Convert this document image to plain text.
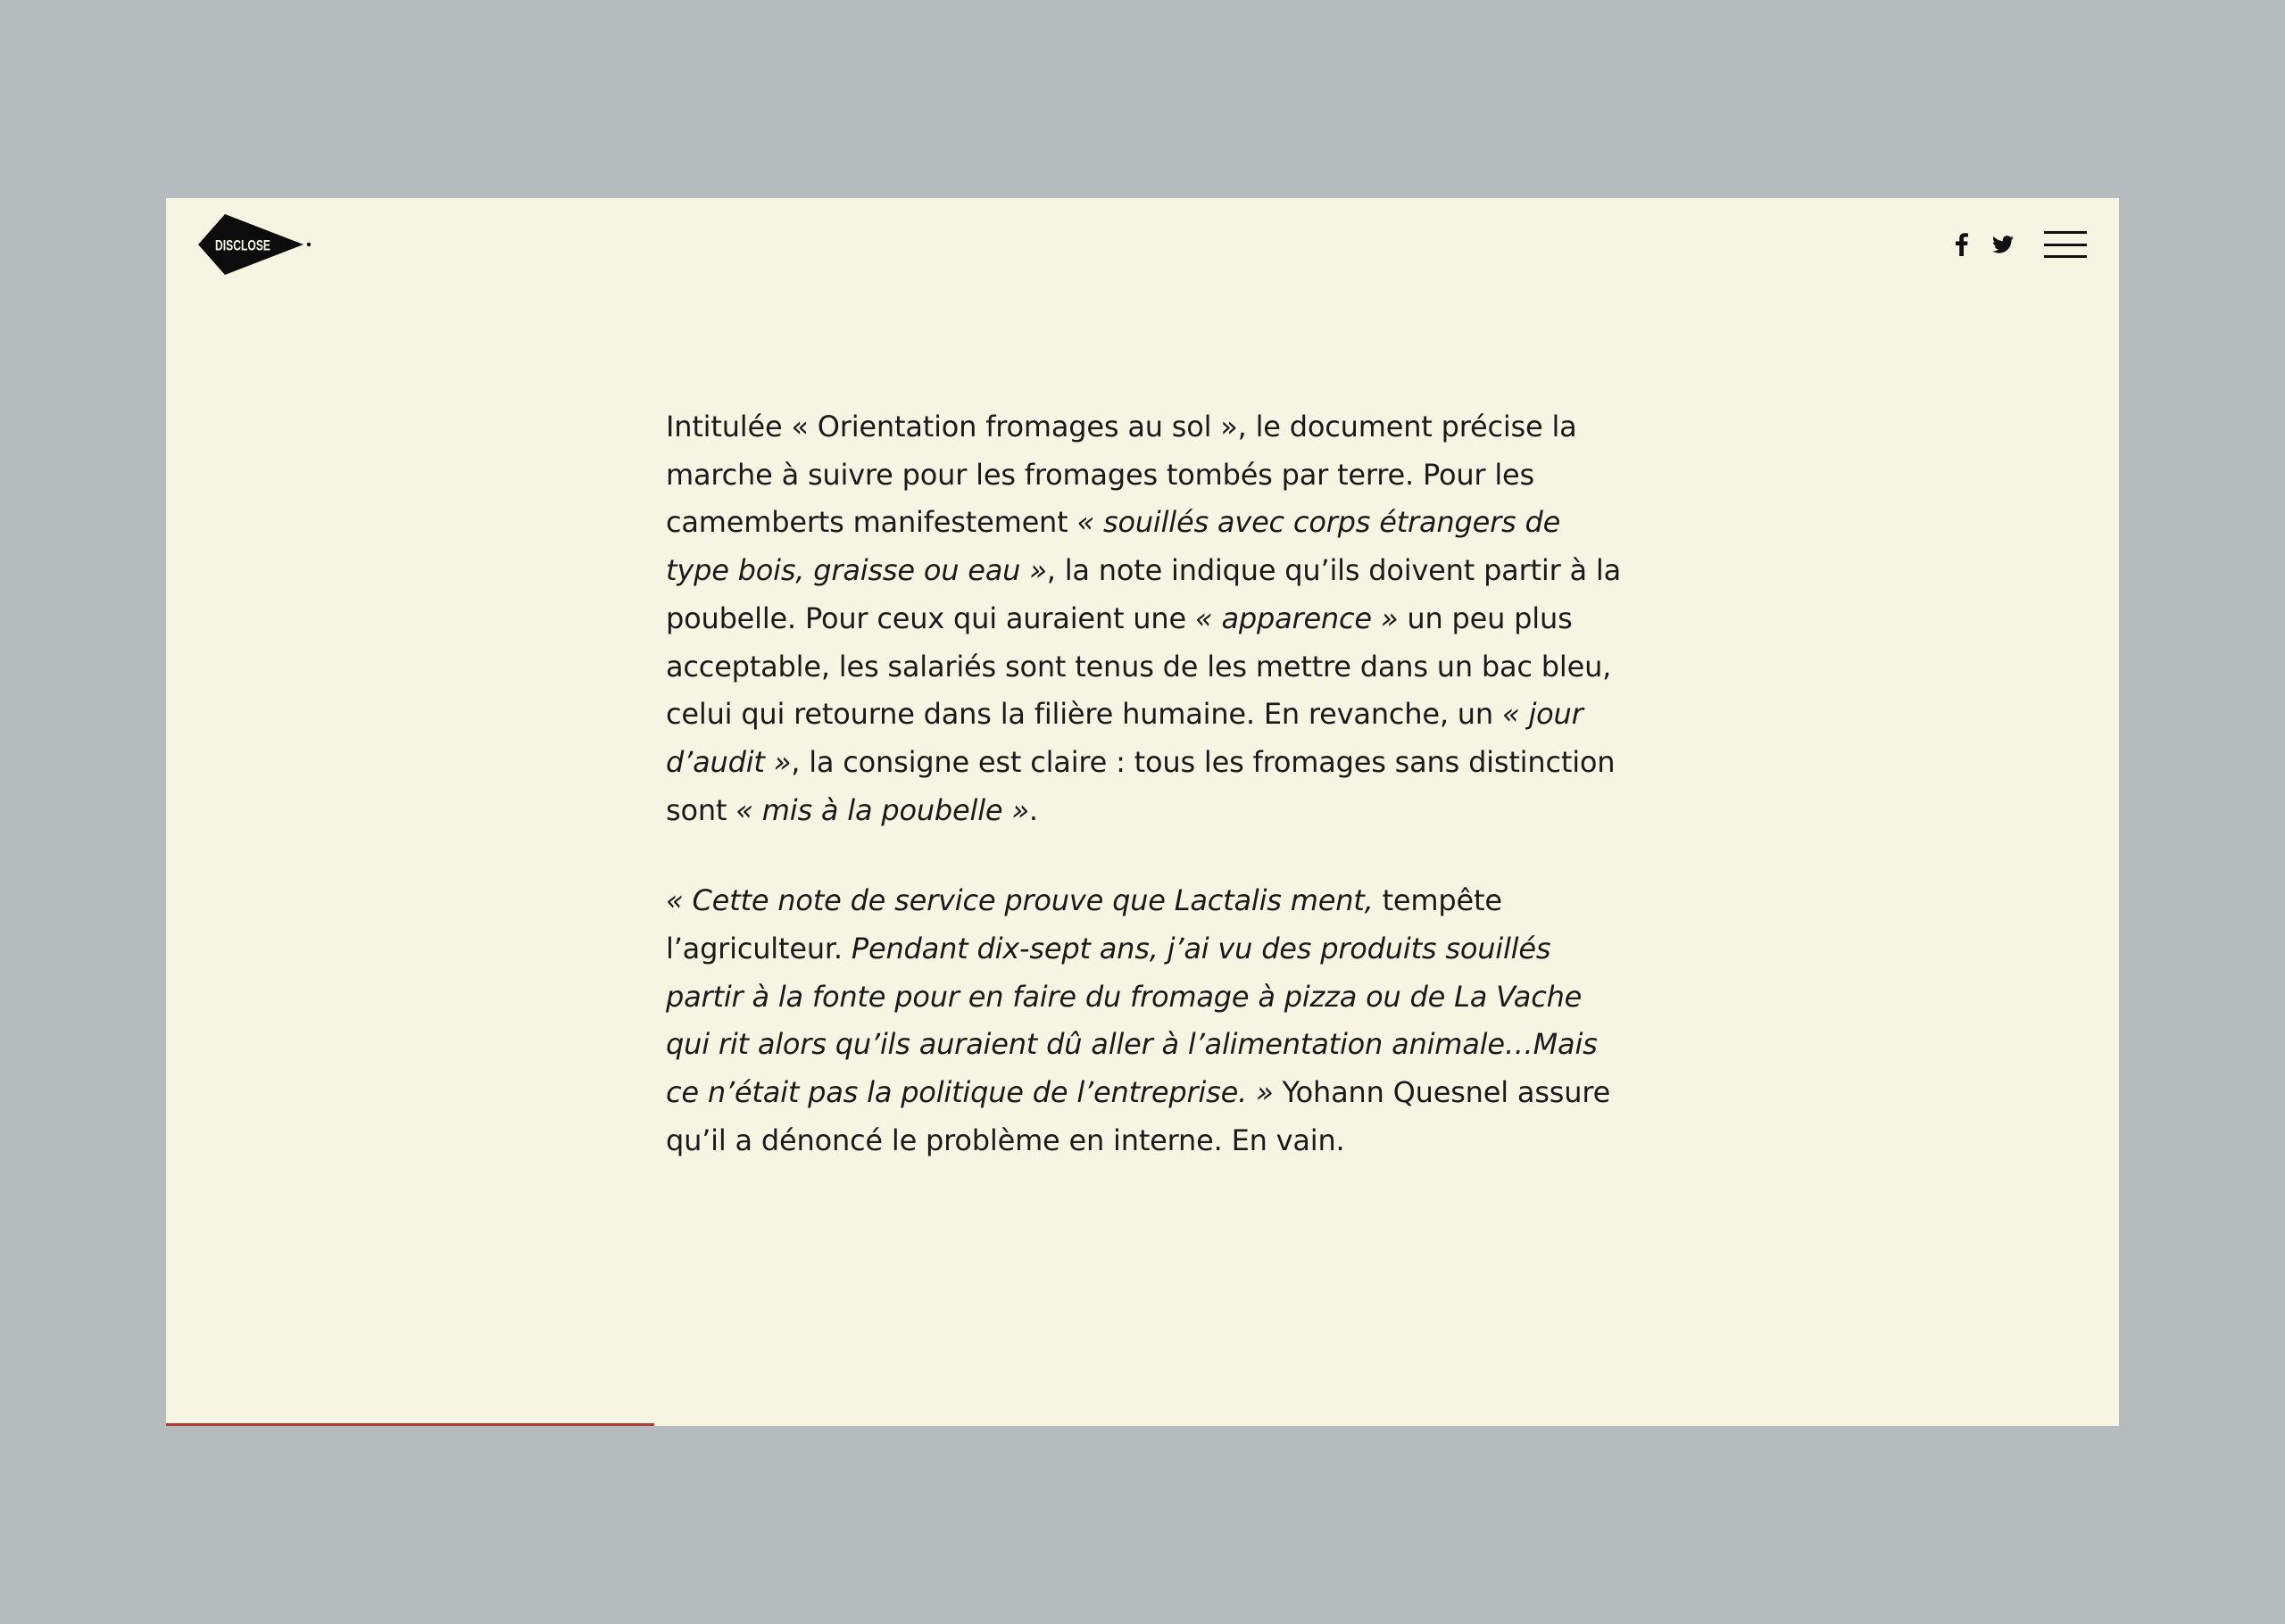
DISCLOSE

Intitulée « Orientation fromages au sol », le document précise la marche à suivre pour les fromages tombés par terre. Pour les camemberts manifestement « souillés avec corps étrangers de type bois, graisse ou eau », la note indique qu’ils doivent partir à la poubelle. Pour ceux qui auraient une « apparence » un peu plus acceptable, les salariés sont tenus de les mettre dans un bac bleu, celui qui retourne dans la filière humaine. En revanche, un « jour d’audit », la consigne est claire : tous les fromages sans distinction sont « mis à la poubelle ».

« Cette note de service prouve que Lactalis ment, tempête l’agriculteur. Pendant dix-sept ans, j’ai vu des produits souillés partir à la fonte pour en faire du fromage à pizza ou de La Vache qui rit alors qu’ils auraient dû aller à l’alimentation animale…Mais ce n’était pas la politique de l’entreprise. » Yohann Quesnel assure qu’il a dénoncé le problème en interne. En vain.
